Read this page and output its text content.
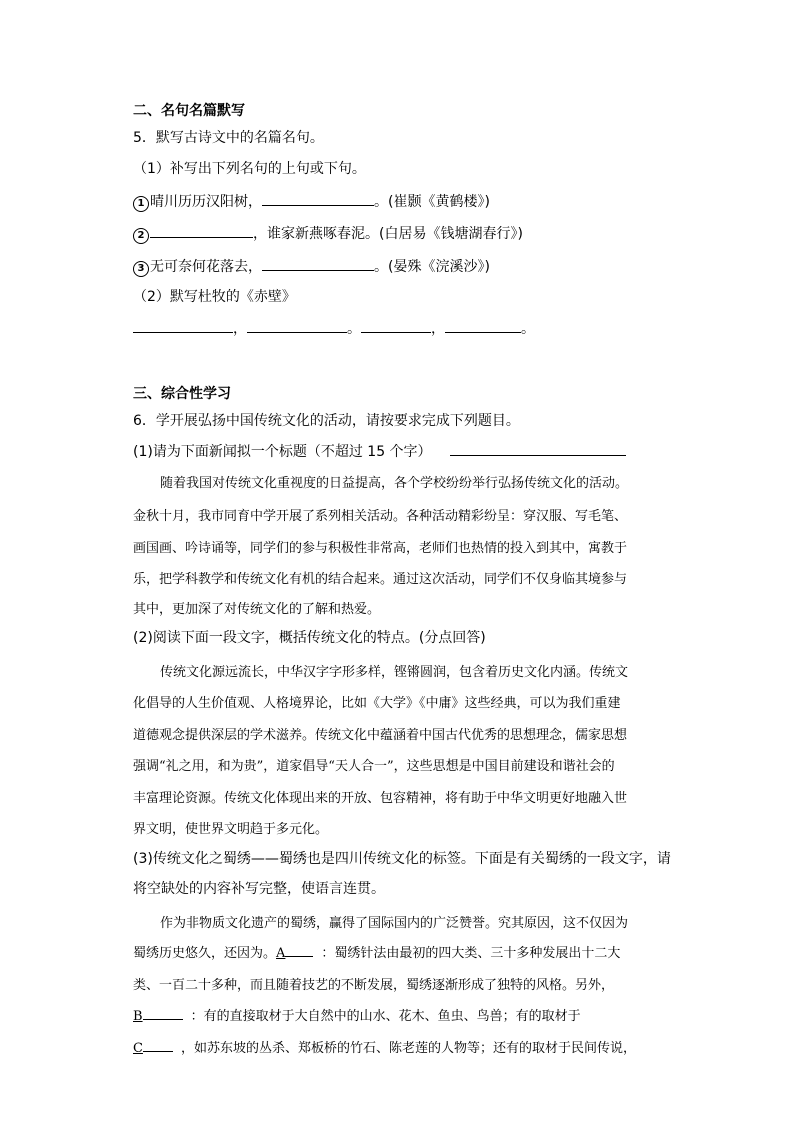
二、名句名篇默写
5．默写古诗文中的名篇名句。
（1）补写出下列名句的上句或下句。
1 晴川历历汉阳树，	。(崔颢《黄鹤楼》)
2	，谁家新燕啄春泥。(白居易《钱塘湖春行》)
3 无可奈何花落去，	。(晏殊《浣溪沙》)
（2）默写杜牧的《赤壁》
，	。	，	。
三、综合性学习
6．学开展弘扬中国传统文化的活动，请按要求完成下列题目。
(1)请为下面新闻拟一个标题（不超过 15 个字）
随着我国对传统文化重视度的日益提高，各个学校纷纷举行弘扬传统文化的活动。
金秋十月，我市同育中学开展了系列相关活动。各种活动精彩纷呈：穿汉服、写毛笔、
画国画、吟诗诵等，同学们的参与积极性非常高，老师们也热情的投入到其中，寓教于
乐，把学科教学和传统文化有机的结合起来。通过这次活动，同学们不仅身临其境参与
其中，更加深了对传统文化的了解和热爱。
(2)阅读下面一段文字，概括传统文化的特点。(分点回答)
传统文化源远流长，中华汉字字形多样，铿锵圆润，包含着历史文化内涵。传统文
化倡导的人生价值观、人格境界论，比如《大学》《中庸》这些经典，可以为我们重建
道德观念提供深层的学术滋养。传统文化中蕴涵着中国古代优秀的思想理念，儒家思想
强调“礼之用，和为贵”，道家倡导“天人合一”，这些思想是中国目前建设和谐社会的
丰富理论资源。传统文化体现出来的开放、包容精神，将有助于中华文明更好地融入世
界文明，使世界文明趋于多元化。
(3)传统文化之蜀绣——蜀绣也是四川传统文化的标签。下面是有关蜀绣的一段文字，请
将空缺处的内容补写完整，使语言连贯。
作为非物质文化遗产的蜀绣，赢得了国际国内的广泛赞誉。究其原因，这不仅因为
蜀绣历史悠久，还因为。A	：蜀绣针法由最初的四大类、三十多种发展出十二大
类、一百二十多种，而且随着技艺的不断发展，蜀绣逐渐形成了独特的风格。另外，
B	：有的直接取材于大自然中的山水、花木、鱼虫、鸟兽；有的取材于
C	，如苏东坡的丛杀、郑板桥的竹石、陈老莲的人物等；还有的取材于民间传说，
